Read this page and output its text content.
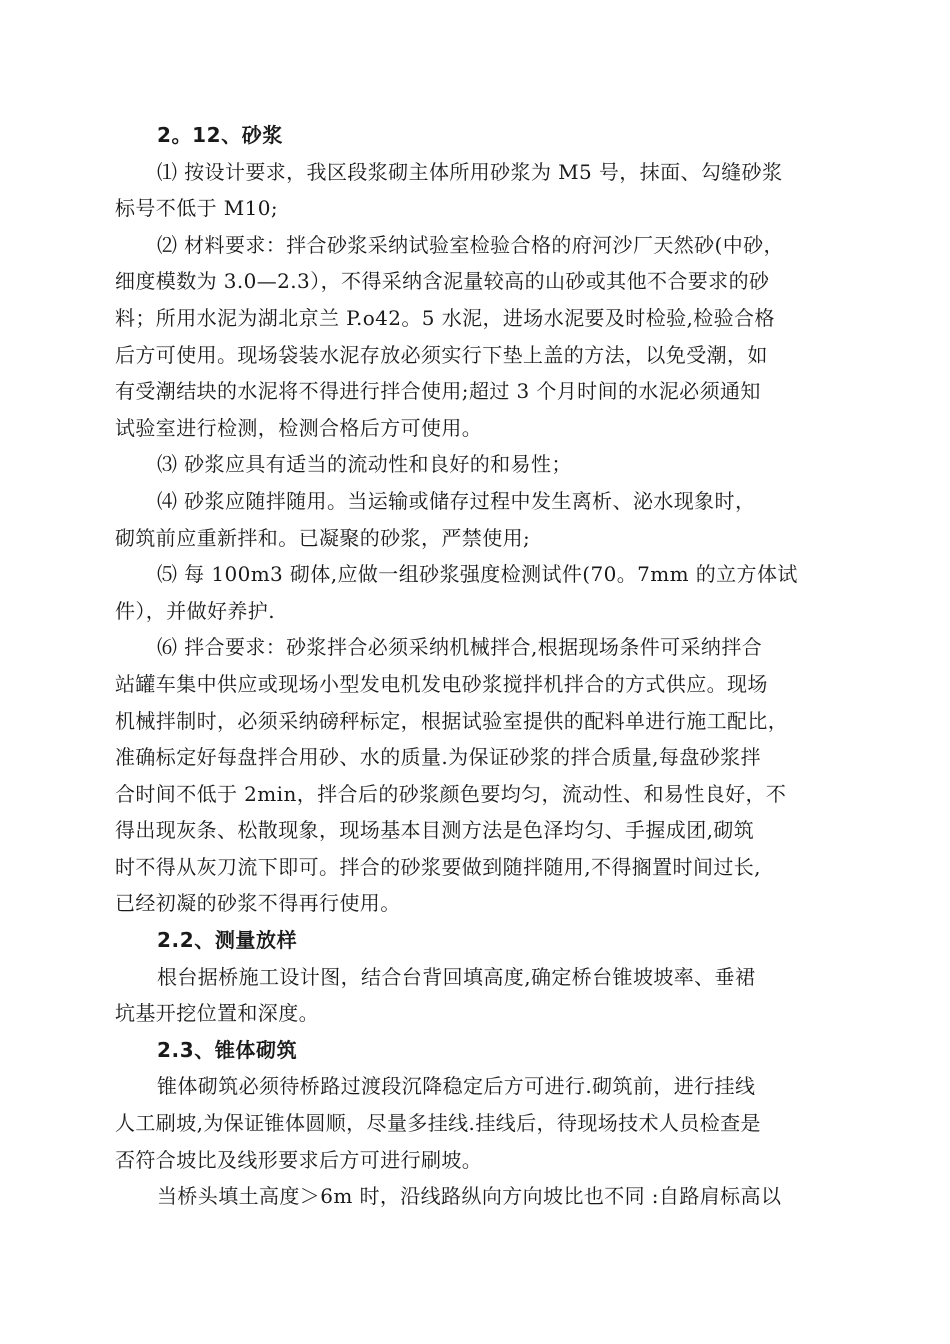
2。12、砂浆
⑴ 按设计要求，我区段浆砌主体所用砂浆为 M5 号，抹面、勾缝砂浆
标号不低于 M10;
⑵ 材料要求：拌合砂浆采纳试验室检验合格的府河沙厂天然砂(中砂，
细度模数为 3.0—2.3），不得采纳含泥量较高的山砂或其他不合要求的砂
料；所用水泥为湖北京兰 P.o42。5 水泥，进场水泥要及时检验,检验合格
后方可使用。现场袋装水泥存放必须实行下垫上盖的方法，以免受潮，如
有受潮结块的水泥将不得进行拌合使用;超过 3 个月时间的水泥必须通知
试验室进行检测，检测合格后方可使用。
⑶ 砂浆应具有适当的流动性和良好的和易性；
⑷ 砂浆应随拌随用。当运输或储存过程中发生离析、泌水现象时，
砌筑前应重新拌和。已凝聚的砂浆，严禁使用;
⑸ 每 100m3 砌体,应做一组砂浆强度检测试件(70。7mm 的立方体试
件），并做好养护.
⑹ 拌合要求：砂浆拌合必须采纳机械拌合,根据现场条件可采纳拌合
站罐车集中供应或现场小型发电机发电砂浆搅拌机拌合的方式供应。现场
机械拌制时，必须采纳磅秤标定，根据试验室提供的配料单进行施工配比，
准确标定好每盘拌合用砂、水的质量.为保证砂浆的拌合质量,每盘砂浆拌
合时间不低于 2min，拌合后的砂浆颜色要均匀，流动性、和易性良好，不
得出现灰条、松散现象，现场基本目测方法是色泽均匀、手握成团,砌筑
时不得从灰刀流下即可。拌合的砂浆要做到随拌随用,不得搁置时间过长,
已经初凝的砂浆不得再行使用。
2.2、测量放样
根台据桥施工设计图，结合台背回填高度,确定桥台锥坡坡率、垂裙
坑基开挖位置和深度。
2.3、锥体砌筑
锥体砌筑必须待桥路过渡段沉降稳定后方可进行.砌筑前，进行挂线
人工刷坡,为保证锥体圆顺，尽量多挂线.挂线后，待现场技术人员检查是
否符合坡比及线形要求后方可进行刷坡。
当桥头填土高度＞6m 时，沿线路纵向方向坡比也不同 :自路肩标高以
